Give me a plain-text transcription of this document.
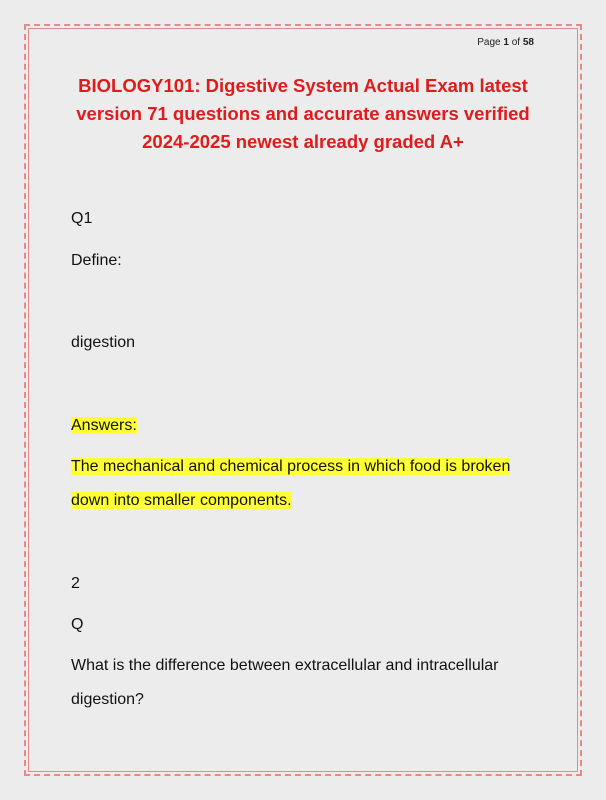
Page 1 of 58
BIOLOGY101: Digestive System Actual Exam latest version 71 questions and accurate answers verified 2024-2025 newest already graded A+
Q1
Define:
digestion
Answers:
The mechanical and chemical process in which food is broken
down into smaller components.
2
Q
What is the difference between extracellular and intracellular
digestion?
